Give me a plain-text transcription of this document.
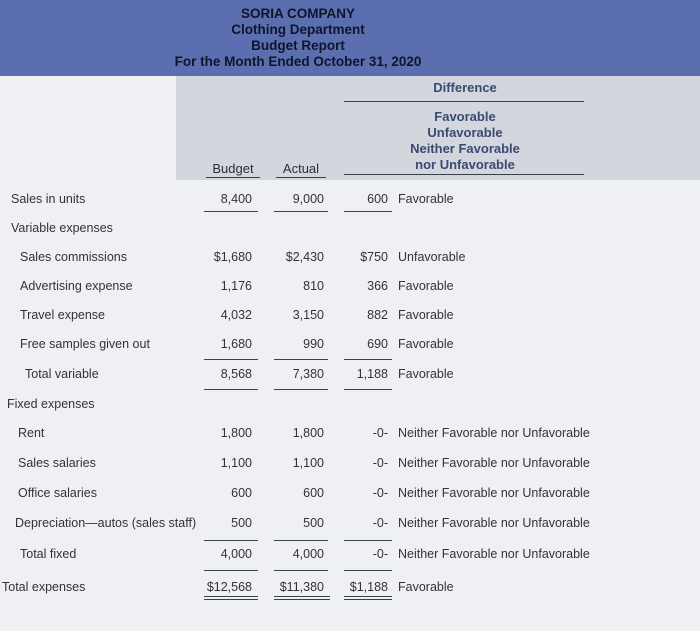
SORIA COMPANY
Clothing Department
Budget Report
For the Month Ended October 31, 2020
Difference
Favorable
Unfavorable
Neither Favorable
nor Unfavorable
Budget	Actual
Sales in units	8,400	9,000	600 Favorable
Variable expenses
Sales commissions	$1,680	$2,430	$750 Unfavorable
Advertising expense	1,176	810	366 Favorable
Travel expense	4,032	3,150	882 Favorable
Free samples given out	1,680	990	690 Favorable
Total variable	8,568	7,380	1,188 Favorable
Fixed expenses
Rent	1,800	1,800	-0- Neither Favorable nor Unfavorable
Sales salaries	1,100	1,100	-0- Neither Favorable nor Unfavorable
Office salaries	600	600	-0- Neither Favorable nor Unfavorable
Depreciation—autos (sales staff)	500	500	-0- Neither Favorable nor Unfavorable
Total fixed	4,000	4,000	-0- Neither Favorable nor Unfavorable
Total expenses	$12,568	$11,380	$1,188 Favorable
